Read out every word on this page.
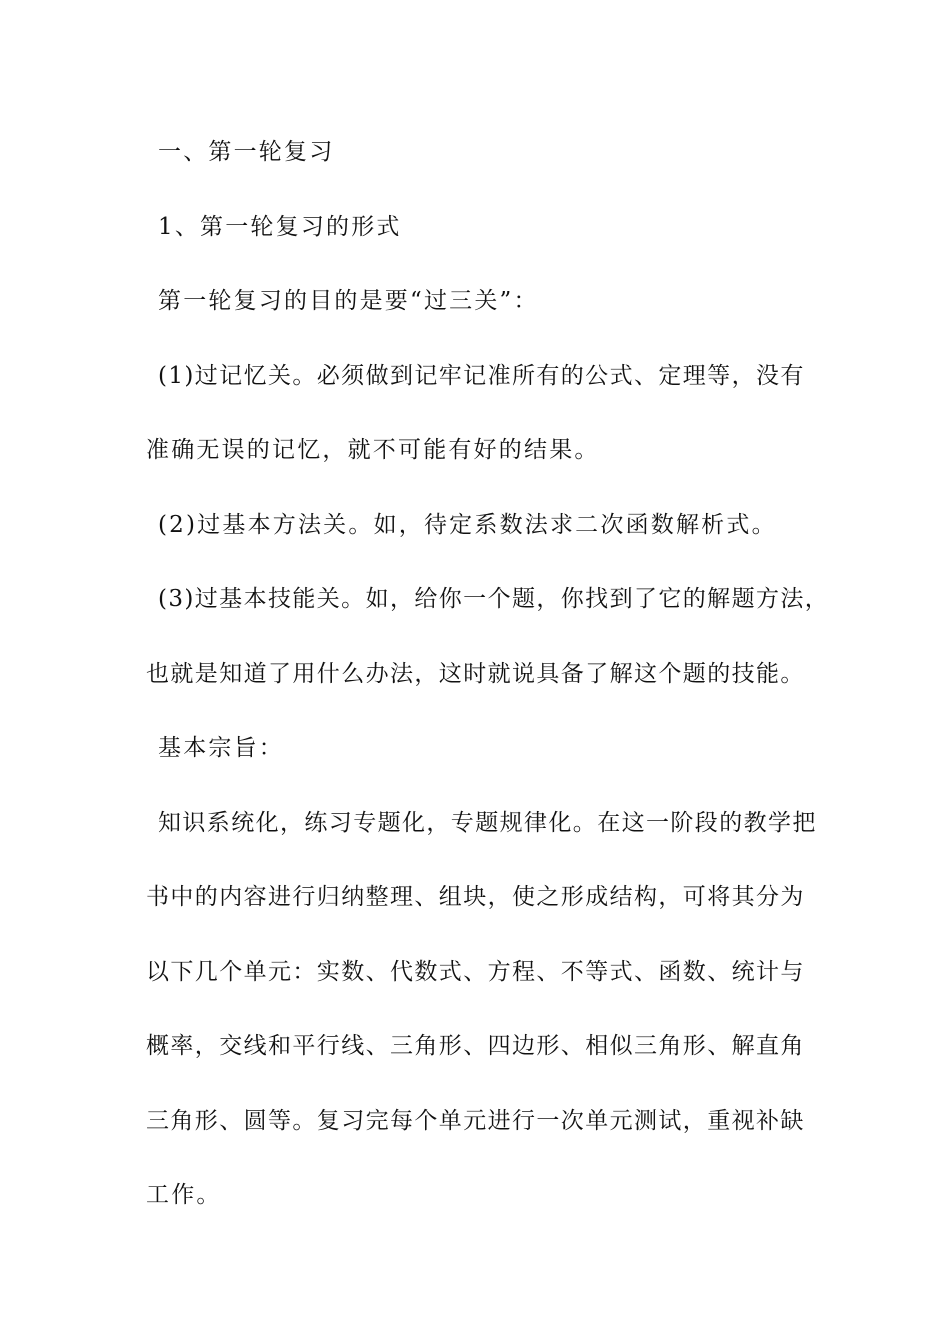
一、第一轮复习
1、第一轮复习的形式
第一轮复习的目的是要“过三关”：
(1)过记忆关。必须做到记牢记准所有的公式、定理等，没有
准确无误的记忆，就不可能有好的结果。
(2)过基本方法关。如，待定系数法求二次函数解析式。
(3)过基本技能关。如，给你一个题，你找到了它的解题方法，
也就是知道了用什么办法，这时就说具备了解这个题的技能。
基本宗旨：
知识系统化，练习专题化，专题规律化。在这一阶段的教学把
书中的内容进行归纳整理、组块，使之形成结构，可将其分为
以下几个单元：实数、代数式、方程、不等式、函数、统计与
概率，交线和平行线、三角形、四边形、相似三角形、解直角
三角形、圆等。复习完每个单元进行一次单元测试，重视补缺
工作。
